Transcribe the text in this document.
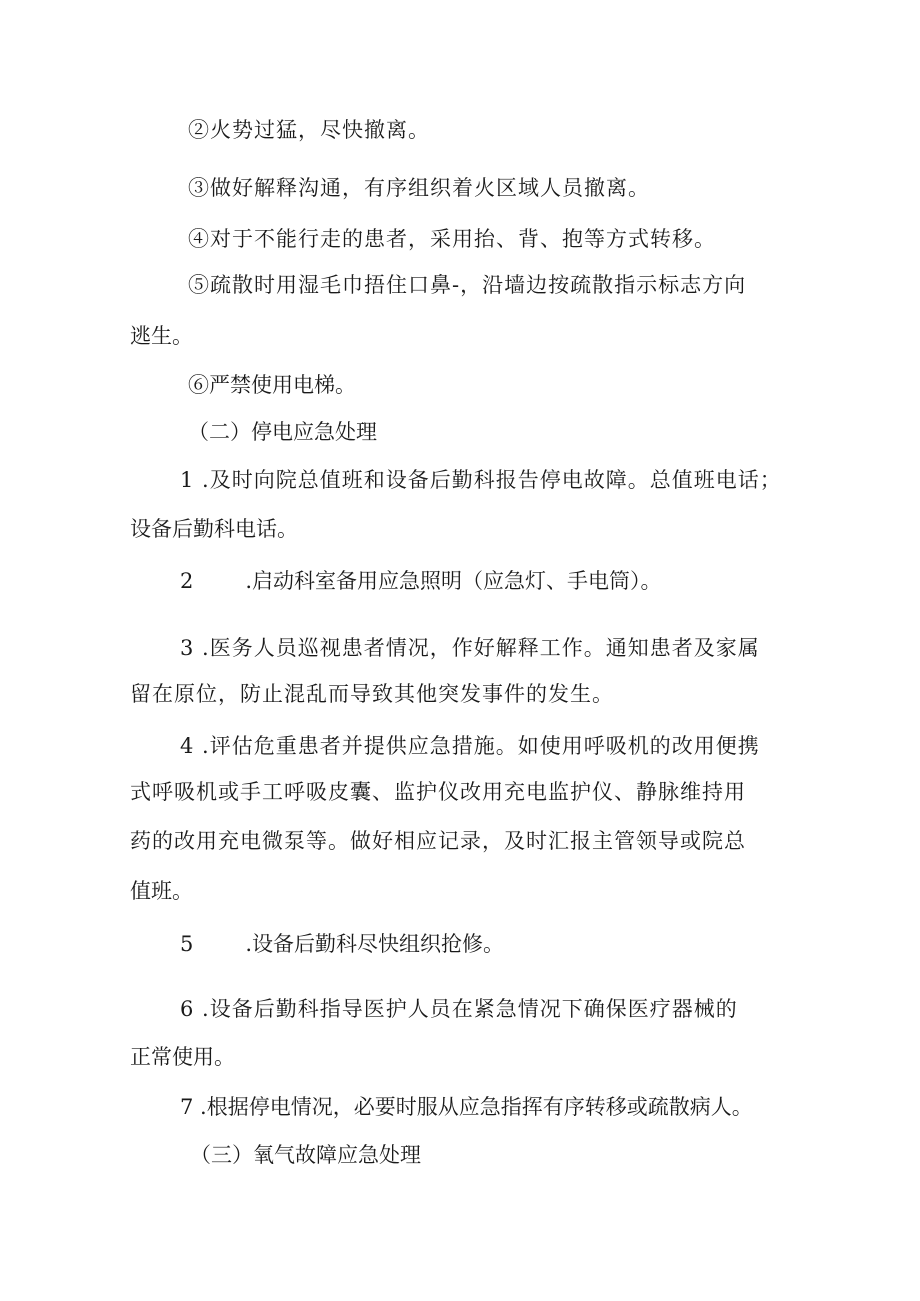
②火势过猛，尽快撤离。
③做好解释沟通，有序组织着火区域人员撤离。
④对于不能行走的患者，采用抬、背、抱等方式转移。
⑤疏散时用湿毛巾捂住口鼻-，沿墙边按疏散指示标志方向
逃生。
⑥严禁使用电梯。
（二）停电应急处理
1 .及时向院总值班和设备后勤科报告停电故障。总值班电话；
设备后勤科电话。
2 .启动科室备用应急照明（应急灯、手电筒）。
3 .医务人员巡视患者情况，作好解释工作。通知患者及家属
留在原位，防止混乱而导致其他突发事件的发生。
4 .评估危重患者并提供应急措施。如使用呼吸机的改用便携
式呼吸机或手工呼吸皮囊、监护仪改用充电监护仪、静脉维持用
药的改用充电微泵等。做好相应记录，及时汇报主管领导或院总
值班。
5 .设备后勤科尽快组织抢修。
6 .设备后勤科指导医护人员在紧急情况下确保医疗器械的
正常使用。
7 .根据停电情况，必要时服从应急指挥有序转移或疏散病人。
（三）氧气故障应急处理
